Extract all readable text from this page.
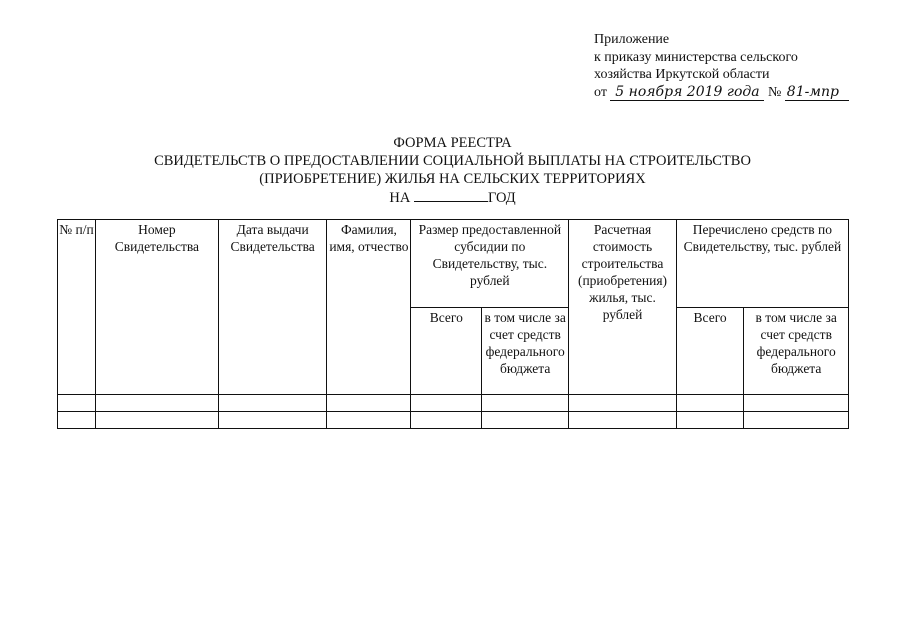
Приложение
к приказу министерства сельского
хозяйства Иркутской области
от 5 ноября 2019 года № 81-мпр
ФОРМА РЕЕСТРА
СВИДЕТЕЛЬСТВ О ПРЕДОСТАВЛЕНИИ СОЦИАЛЬНОЙ ВЫПЛАТЫ НА СТРОИТЕЛЬСТВО
(ПРИОБРЕТЕНИЕ) ЖИЛЬЯ НА СЕЛЬСКИХ ТЕРРИТОРИЯХ
НА	ГОД
№ п/п	Номер Свидетельства	Дата выдачи Свидетельства	Фамилия, имя, отчество	Размер предоставленной субсидии по Свидетельству, тыс. рублей		Расчетная стоимость строительства (приобретения) жилья, тыс. рублей	Перечислено средств по Свидетельству, тыс. рублей	
				Всего	в том числе за счет средств федерального бюджета		Всего	в том числе за счет средств федерального бюджета
